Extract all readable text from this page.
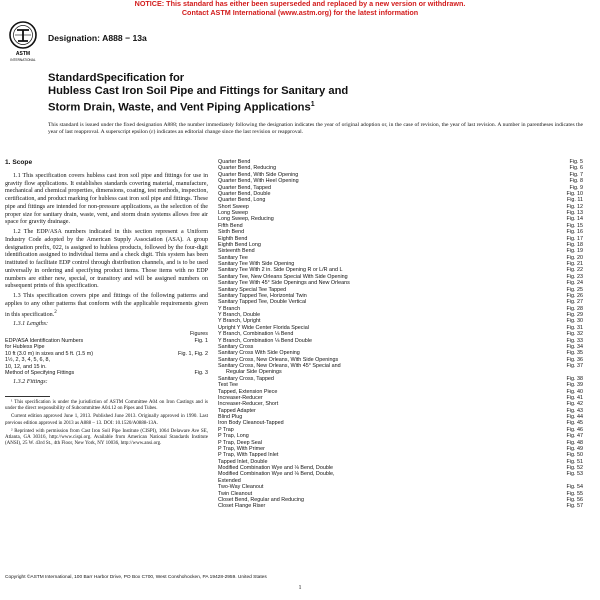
NOTICE: This standard has either been superseded and replaced by a new version or withdrawn.
Contact ASTM International (www.astm.org) for the latest information
ASTM
INTERNATIONAL
Designation: A888 − 13a
StandardSpecification for
Hubless Cast Iron Soil Pipe and Fittings for Sanitary and
Storm Drain, Waste, and Vent Piping Applications$^1$
This standard is issued under the fixed designation A888; the number immediately following the designation indicates the year of original adoption or, in the case of revision, the year of last revision. A number in parentheses indicates the year of last reapproval. A superscript epsilon (ε) indicates an editorial change since the last revision or reapproval.
1. Scope

1.1 This specification covers hubless cast iron soil pipe and fittings for use in gravity flow applications. It establishes standards covering material, manufacture, mechanical and chemical properties, dimensions, coating, test methods, inspection, certification, and product marking for hubless cast iron soil pipe and fittings. These pipe and fittings are intended for non-pressure applications, as the selection of the proper size for sanitary drain, waste, vent, and storm drain systems allows free air space for gravity drainage.

1.2 The EDP/ASA numbers indicated in this section represent a Uniform Industry Code adopted by the American Supply Association (ASA). A group designation prefix, 022, is assigned to hubless products, followed by the four-digit identification assigned to individual items and a check digit. This system has been instituted to facilitate EDP control through distribution channels, and is to be used universally in ordering and specifying product items. Those items with no EDP numbers are either new, special, or transitory and will be assigned numbers on subsequent prints of this specification.

1.3 This specification covers pipe and fittings of the following patterns and applies to any other patterns that conform with the applicable requirements given in this specification.$^2$

1.3.1 Lengths:
	Figures
EDP/ASA Identification Numbers	Fig. 1
for Hubless Pipe	
10 ft (3.0 m) in sizes and 5 ft. (1.5 m)	Fig. 1, Fig. 2
1½, 2, 3, 4, 5, 6, 8,	
10, 12, and 15 in.	
Method of Specifying Fittings	Fig. 3
1.3.2 Fittings:
¹ This specification is under the jurisdiction of ASTM Committee A04 on Iron Castings and is under the direct responsibility of Subcommittee A04.12 on Pipes and Tubes.
Current edition approved June 1, 2013. Published June 2013. Originally approved in 1990. Last previous edition approved in 2013 as A888 – 13. DOI: 10.1520/A0888-13A.
² Reprinted with permission from Cast Iron Soil Pipe Institute (CISPI), 1064 Delaware Ave SE, Atlanta, GA 30316, http://www.cispi.org. Available from American National Standards Institute (ANSI), 25 W. 43rd St., 4th Floor, New York, NY 10036, http://www.ansi.org.
Quarter Bend	Fig. 5
Quarter Bend, Reducing	Fig. 6
Quarter Bend, With Side Opening	Fig. 7
Quarter Bend, With Heel Opening	Fig. 8
Quarter Bend, Tapped	Fig. 9
Quarter Bend, Double	Fig. 10
Quarter Bend, Long	Fig. 11
Short Sweep	Fig. 12
Long Sweep	Fig. 13
Long Sweep, Reducing	Fig. 14
Fifth Bend	Fig. 15
Sixth Bend	Fig. 16
Eighth Bend	Fig. 17
Eighth Bend Long	Fig. 18
Sixteenth Bend	Fig. 19
Sanitary Tee	Fig. 20
Sanitary Tee With Side Opening	Fig. 21
Sanitary Tee With 2 in. Side Opening R or L/R and L	Fig. 22
Sanitary Tee, New Orleans Special With Side Opening	Fig. 23
Sanitary Tee With 45° Side Openings and New Orleans	Fig. 24
Sanitary Special Tee Tapped	Fig. 25
Sanitary Tapped Tee, Horizontal Twin	Fig. 26
Sanitary Tapped Tee, Double Vertical	Fig. 27
Y Branch	Fig. 28
Y Branch, Double	Fig. 29
Y Branch, Upright	Fig. 30
Upright Y Wide Center Florida Special	Fig. 31
Y Branch, Combination ⅛ Bend	Fig. 32
Y Branch, Combination ⅛ Bend Double	Fig. 33
Sanitary Cross	Fig. 34
Sanitary Cross With Side Opening	Fig. 35
Sanitary Cross, New Orleans, With Side Openings	Fig. 36
Sanitary Cross, New Orleans, With 45° Special and	Fig. 37
Regular Side Openings	
Sanitary Cross, Tapped	Fig. 38
Test Tee	Fig. 39
Tapped, Extension Piece	Fig. 40
Increaser-Reducer	Fig. 41
Increaser-Reducer, Short	Fig. 42
Tapped Adapter	Fig. 43
Blind Plug	Fig. 44
Iron Body Cleanout-Tapped	Fig. 45
P Trap	Fig. 46
P Trap, Long	Fig. 47
P Trap, Deep Seal	Fig. 48
P Trap, With Primer	Fig. 49
P Trap, With Tapped Inlet	Fig. 50
Tapped Inlet, Double	Fig. 51
Modified Combination Wye and ⅛ Bend, Double	Fig. 52
Modified Combination Wye and ⅛ Bend, Double,	Fig. 53
Extended	
Two-Way Cleanout	Fig. 54
Twin Cleanout	Fig. 55
Closet Bend, Regular and Reducing	Fig. 56
Closet Flange Riser	Fig. 57
Copyright ©ASTM International, 100 Barr Harbor Drive, PO Box C700, West Conshohocken, PA 19428-2959. United States
1
